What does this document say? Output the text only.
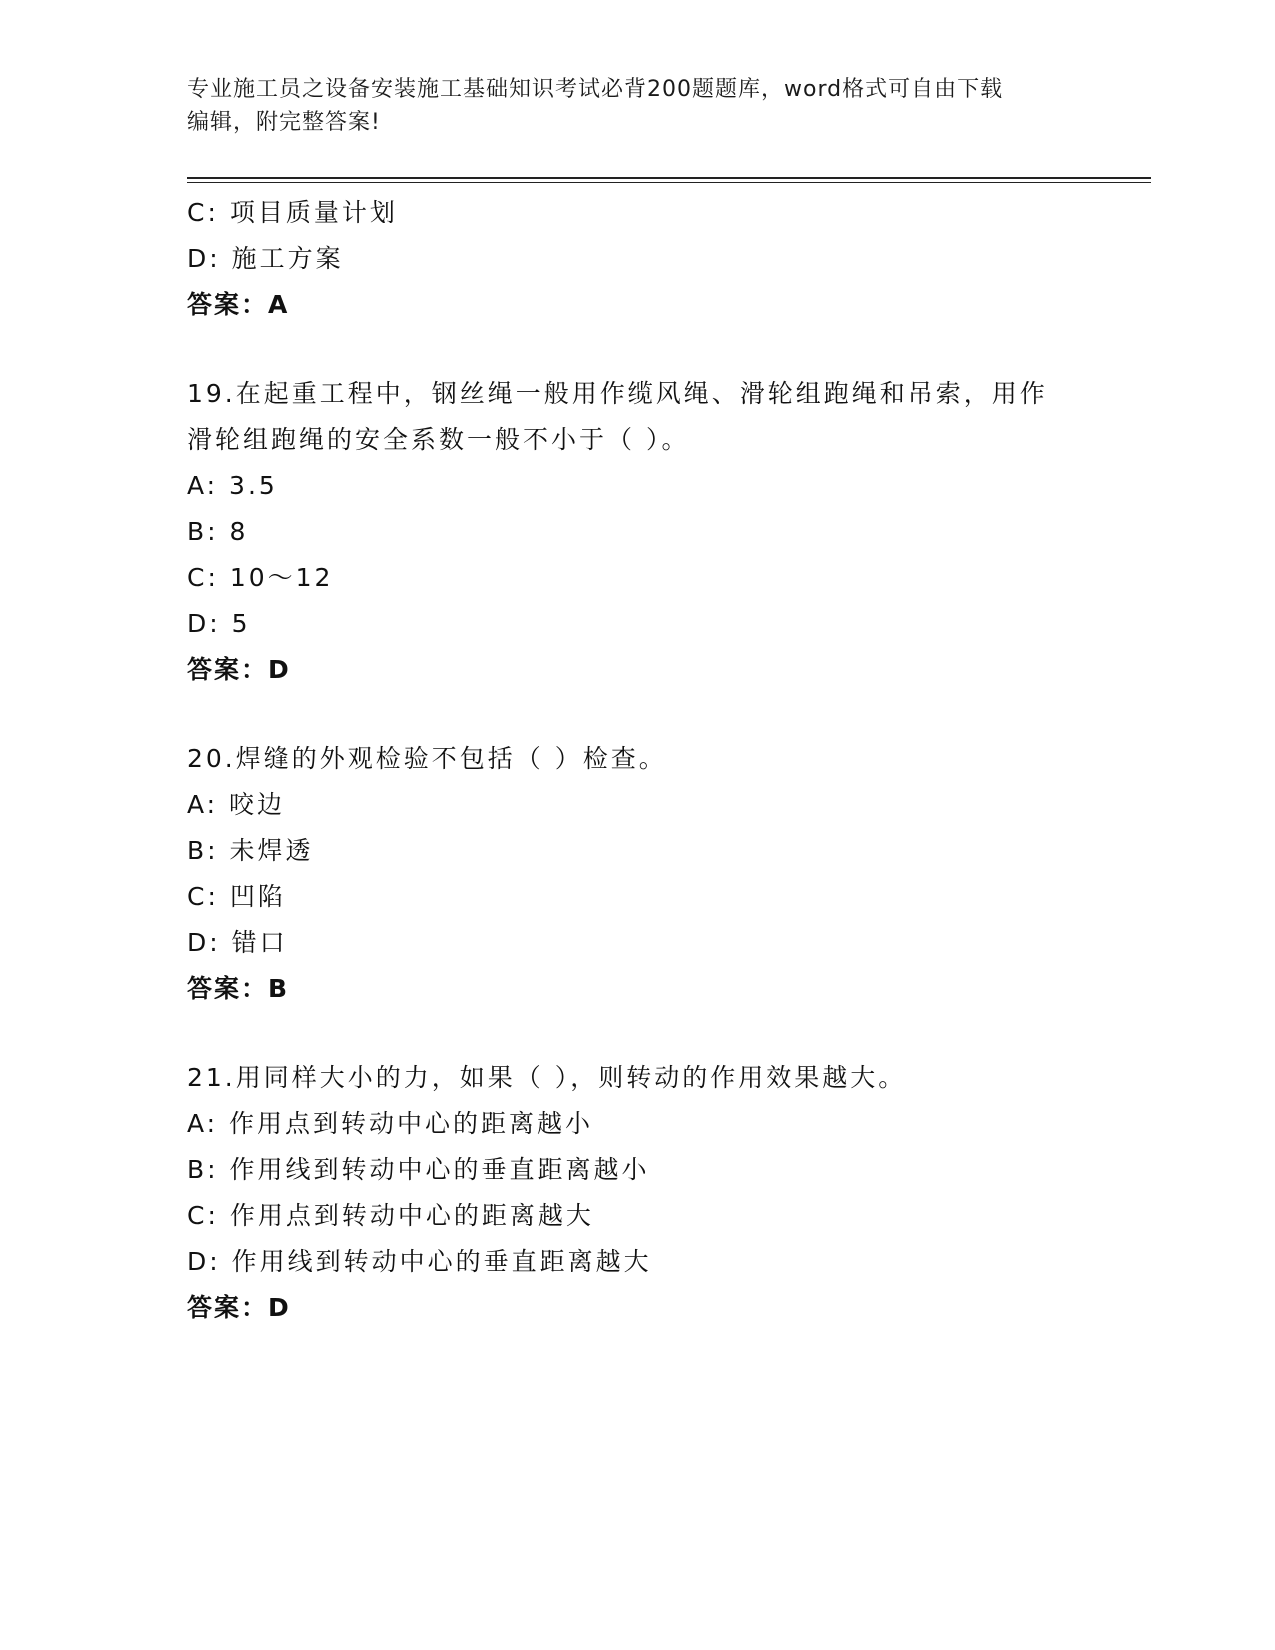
专业施工员之设备安装施工基础知识考试必背200题题库，word格式可自由下载
编辑，附完整答案!
C: 项目质量计划
D: 施工方案
答案：A
19.在起重工程中，钢丝绳一般用作缆风绳、滑轮组跑绳和吊索，用作
滑轮组跑绳的安全系数一般不小于（ ）。
A: 3.5
B: 8
C: 10～12
D: 5
答案：D
20.焊缝的外观检验不包括（ ）检查。
A: 咬边
B: 未焊透
C: 凹陷
D: 错口
答案：B
21.用同样大小的力，如果（ ），则转动的作用效果越大。
A: 作用点到转动中心的距离越小
B: 作用线到转动中心的垂直距离越小
C: 作用点到转动中心的距离越大
D: 作用线到转动中心的垂直距离越大
答案：D
